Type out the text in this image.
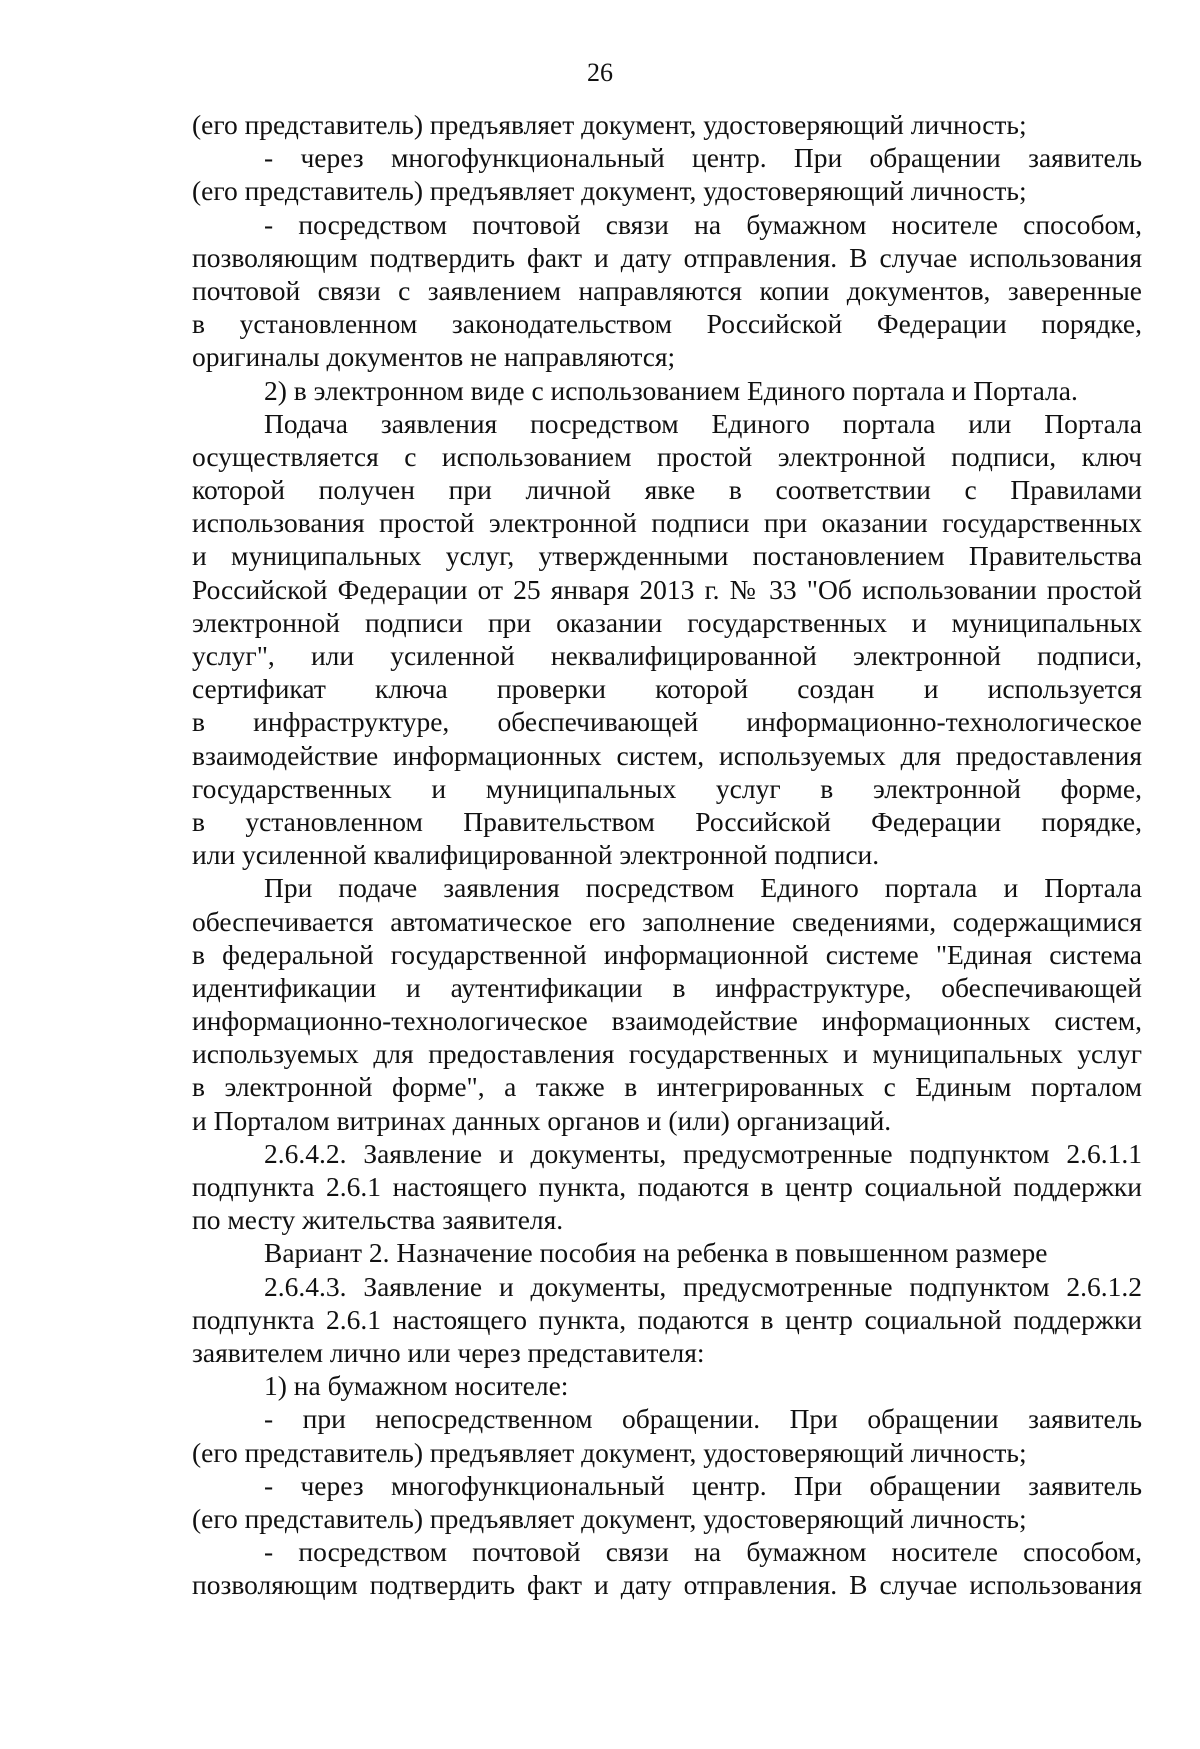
26
(его представитель) предъявляет документ, удостоверяющий личность;
- через многофункциональный центр. При обращении заявитель
(его представитель) предъявляет документ, удостоверяющий личность;
- посредством почтовой связи на бумажном носителе способом,
позволяющим подтвердить факт и дату отправления. В случае использования
почтовой связи с заявлением направляются копии документов, заверенные
в установленном законодательством Российской Федерации порядке,
оригиналы документов не направляются;
2) в электронном виде с использованием Единого портала и Портала.
Подача заявления посредством Единого портала или Портала
осуществляется с использованием простой электронной подписи, ключ
которой получен при личной явке в соответствии с Правилами
использования простой электронной подписи при оказании государственных
и муниципальных услуг, утвержденными постановлением Правительства
Российской Федерации от 25 января 2013 г. № 33 "Об использовании простой
электронной подписи при оказании государственных и муниципальных
услуг", или усиленной неквалифицированной электронной подписи,
сертификат ключа проверки которой создан и используется
в инфраструктуре, обеспечивающей информационно-технологическое
взаимодействие информационных систем, используемых для предоставления
государственных и муниципальных услуг в электронной форме,
в установленном Правительством Российской Федерации порядке,
или усиленной квалифицированной электронной подписи.
При подаче заявления посредством Единого портала и Портала
обеспечивается автоматическое его заполнение сведениями, содержащимися
в федеральной государственной информационной системе "Единая система
идентификации и аутентификации в инфраструктуре, обеспечивающей
информационно-технологическое взаимодействие информационных систем,
используемых для предоставления государственных и муниципальных услуг
в электронной форме", а также в интегрированных с Единым порталом
и Порталом витринах данных органов и (или) организаций.
2.6.4.2. Заявление и документы, предусмотренные подпунктом 2.6.1.1
подпункта 2.6.1 настоящего пункта, подаются в центр социальной поддержки
по месту жительства заявителя.
Вариант 2. Назначение пособия на ребенка в повышенном размере
2.6.4.3. Заявление и документы, предусмотренные подпунктом 2.6.1.2
подпункта 2.6.1 настоящего пункта, подаются в центр социальной поддержки
заявителем лично или через представителя:
1) на бумажном носителе:
- при непосредственном обращении. При обращении заявитель
(его представитель) предъявляет документ, удостоверяющий личность;
- через многофункциональный центр. При обращении заявитель
(его представитель) предъявляет документ, удостоверяющий личность;
- посредством почтовой связи на бумажном носителе способом,
позволяющим подтвердить факт и дату отправления. В случае использования
